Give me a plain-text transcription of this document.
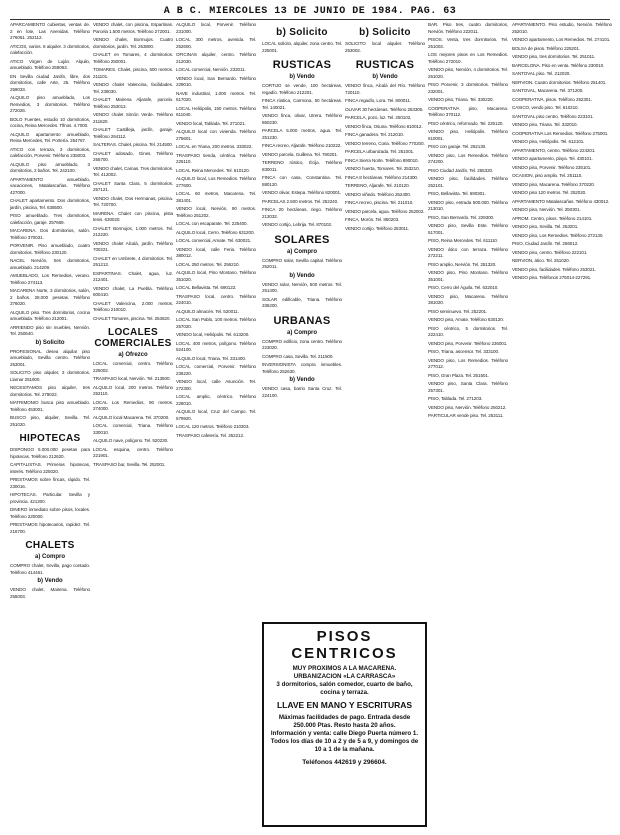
A B C. MIERCOLES 13 DE JUNIO DE 1984. PAG. 63
APARCAMIENTO cubiertas, ventas de. 2 en lote, Las Avenidas. Teléfono 276061. 252112.
ATICOS, varios. 6 alquiler. 3 dormitorios, calefacción.
ATICO Virgen de Luján. Alquilo, amueblado. Teléfono 259063.
EN Sevilla ciudad Jardín, libre, dos dormitorios, calle Arte, 25. Teléfono 259033.
ALQUILO piso amueblado, Los Remedios, 3 dormitorios. Teléfono 272026.
BOLO Fuentes, estudio 10 dormitorios, cocina, Reina Mercedes. Tlfnos. 4.7000.
ALQUILO apartamento amueblado, Reina Mercedes, Tel. Portería. 254767.
ATICO con terraza, 3 dormitorios, calefacción, Porvenir. Teléfono 235003.
ALQUILO piso amueblado, 3 dormitorios, 2 baños. Tel. 242100.
APARTAMENTO amueblado, vacaciones, Matalascañas. Teléfono 427000.
CHALET apartamento. Dos dormitorios, jardín, piscina, Tel. 638500.
PISO amueblado. Tres dormitorios, calefacción, garaje. 257669.
MACARENA. Dos dormitorios, salón. Teléfono 370031.
PORVENIR. Piso amueblado, cuatro dormitorios. Teléfono 230120.
NACEL Nervión, tres dormitorios, amueblado. 214209.
AMUEBLADO, Los Remedios, verano. Teléfono 274113.
MACARENA Norte, 3 dormitorios, salón, 2 baños. 28.000 pesetas. Teléfono 376020.
ALQUILO piso. Tres dormitorios, cocina amueblada. Teléfono 212001.
ARRIENDO piso sin muebles, Nervión. Tel. 250640.
b) Solicito
PROFESIONAL desea alquilar piso amueblado, Sevilla centro. Teléfono 253001.
SOLICITO piso alquiler, 3 dormitorios. Llamar 251600.
NECESITAMOS piso alquiler, tres dormitorios. Tel. 279022.
MATRIMONIO busca piso amueblado. Teléfono 453001.
BUSCO piso, alquiler, Sevilla. Tel. 251020.
HIPOTECAS
DISPONGO 5.000.000 pesetas para hipotecas. Teléfono 212620.
CAPITALISTAS. Primeras hipotecas, interés. Teléfono 225020.
PRESTAMOS sobre fincas, rápido. Tel. 230016.
HIPOTECAS. Particular. Sevilla y provincia. 421200.
DINERO inmediato sobre pisos, locales. Teléfono 220000.
PRESTAMOS hipotecarios, rapidez. Tel. 216700.
CHALETS
a) Compro
COMPRO chalet, Sevilla, pago contado. Teléfono 414461.
b) Vendo
VENDO chalet, Mairena. Teléfono 255003.
VENDO chalet, con piscina, Espartinas. Parcela 1.500 metros. Teléfono 272001.
VENDO chalet, Bormujos. Cuatro dormitorios, jardín. Tel. 253800.
CHALET en Tomares, 4 dormitorios. Teléfono 250001.
TOMARES. Chalet, piscina, 500 metros. 211101.
VENDO chalet Valencina, facilidades. Tel. 236030.
CHALET Mairena Aljarafe, parcela. Teléfono 253013.
VENDO chalet Simón Verde. Teléfono 211620.
CHALET Castilleja, jardín, garaje. Teléfono 264112.
SALTERAS. Chalet, piscina. Tel. 214500.
CHALET adosado, Gines. Teléfono 255700.
VENDO chalet, Camas. Tres dormitorios. Tel. 412002.
CHALET Santa Clara, 5 dormitorios. 257121.
VENDO chalet, Dos Hermanas, piscina. Tel. 720700.
MAIRENA. Chalet con piscina, pista tenis. 630020.
CHALET Bormujos, 1.000 metros. Tel. 212220.
VENDO chalet Alcalá, jardín. Teléfono 700221.
CHALET en Umbrete, 4 dormitorios. Tel. 251213.
ESPARTINAS. Chalet, agua, luz. 212401.
VENDO chalet, La Puebla. Teléfono 600410.
CHALET Valencina, 2.000 metros. Teléfono 210010.
CHALET Tomares, piscina. Tel. 253620.
LOCALES COMERCIALES
a) Ofrezco
LOCAL comercial, centro. Teléfono 225002.
TRASPASO local, Nervión. Tel. 213500.
ALQUILO local, 200 metros. Teléfono 252110.
LOCAL Los Remedios, 90 metros. 274000.
ALQUILO local Macarena. Tel. 370200.
LOCAL comercial, Triana. Teléfono 330010.
ALQUILO nave, polígono. Tel. 520230.
LOCAL esquina, centro. Teléfono 221901.
TRASPASO bar, Sevilla. Tel. 252001.
ALQUILO local, Porvenir. Teléfono 231000.
LOCAL 300 metros, avenida. Tel. 252600.
OFICINAS alquiler, centro. Teléfono 212030.
LOCAL comercial, Nervión. 232011.
VENDO local, San Bernardo. Teléfono 229010.
NAVE industrial, 1.000 metros. Tel. 517020.
LOCAL Heliópolis, 150 metros. Teléfono 611040.
VENDO local, Tablada. Tel. 271021.
ALQUILO local con vivienda. Teléfono 275601.
LOCAL en Triana, 200 metros. 333022.
TRASPASO tienda, céntrica. Teléfono 225110.
LOCAL Reina Mercedes. Tel. 610120.
ALQUILO local, Los Remedios. Teléfono 277600.
LOCAL 60 metros, Macarena. Tel. 381401.
VENDO local, Nervión, 90 metros. Teléfono 251202.
LOCAL con escaparate. Tel. 225400.
ALQUILO local, Cerro. Teléfono 631200.
LOCAL comercial, Amate. Tel. 630021.
VENDO local, calle Feria. Teléfono 380012.
LOCAL 250 metros. Tel. 256210.
ALQUILO local, Pino Montano. Teléfono 351020.
LOCAL Bellavista. Tel. 690122.
TRASPASO local, centro. Teléfono 224010.
ALQUILO almacén. Tel. 520011.
LOCAL San Pablo, 100 metros. Teléfono 257020.
VENDO local, Heliópolis. Tel. 613200.
LOCAL 400 metros, polígono. Teléfono 524100.
ALQUILO local, Triana. Tel. 331400.
LOCAL comercial, Porvenir. Teléfono 236220.
VENDO local, calle Asunción. Tel. 272300.
LOCAL amplio, céntrico. Teléfono 228010.
ALQUILO local, Cruz del Campo. Tel. 579920.
LOCAL 120 metros. Teléfono 210303.
TRASPASO cafetería. Tel. 252212.
b) Solicito
LOCAL solicito, alquiler, zona centro. Tel. 225001.
RUSTICAS
b) Vendo
CORTIJO se vende, 100 hectáreas, regadío. Teléfono 212201.
FINCA rústica, Carmona, 50 hectáreas. Tel. 140021.
VENDO finca, olivar, Utrera. Teléfono 860230.
PARCELA 5.000 metros, agua. Tel. 251230.
FINCA recreo, Aljarafe. Teléfono 210222.
VENDO parcela, Guillena. Tel. 780201.
TERRENO rústico, Écija. Teléfono 830011.
FINCA con casa, Constantina. Tel. 880120.
VENDO olivar, Estepa. Teléfono 820001.
PARCELAS 2.500 metros. Tel. 252240.
FINCA 20 hectáreas, riego. Teléfono 213032.
VENDO cortijo, Lebrija. Tel. 870102.
SOLARES
a) Compro
COMPRO solar, Sevilla capital. Teléfono 252011.
b) Vendo
VENDO solar, Nervión, 500 metros. Tel. 251400.
SOLAR edificable, Triana. Teléfono 336200.
URBANAS
a) Compro
COMPRO edificio, zona centro. Teléfono 223020.
COMPRO casa, Sevilla. Tel. 211500.
INVERSIONISTA compra inmuebles. Teléfono 252630.
b) Vendo
VENDO casa, barrio Santa Cruz. Tel. 224100.
b) Solicito
SOLICITO local alquiler. Teléfono 253002.
RUSTICAS
b) Vendo
VENDO finca, Alcalá del Río. Teléfono 720110.
FINCA regadío, Lora. Tel. 800011.
OLIVAR 30 hectáreas. Teléfono 253300.
PARCELA, pozo, luz. Tel. 250102.
VENDO finca, Osuna. Teléfono 810012.
FINCA ganadera. Tel. 212010.
VENDO terreno, Coria. Teléfono 770200.
PARCELA urbanizada. Tel. 251001.
FINCA Sierra Norte. Teléfono 890010.
VENDO huerta, Tomares. Tel. 253210.
FINCA 8 hectáreas. Teléfono 214300.
TERRENO, Aljarafe. Tel. 210120.
VENDO viñedo. Teléfono 252400.
FINCA recreo, piscina. Tel. 211010.
VENDO parcela, agua. Teléfono 252002.
FINCA, Morón. Tel. 850203.
VENDO cortijo. Teléfono 253011.
BAR. Piso tres, cuatro dormitorios, Nervión. Teléfono 222011.
PISOS. Venta, tres dormitorios. Tel. 251003.
LOS mejores pisos en Los Remedios. Teléfono 272010.
VENDO piso, Nervión, 4 dormitorios. Tel. 251020.
PISO Porvenir, 3 dormitorios. Teléfono 232001.
VENDO piso, Triana. Tel. 330220.
COOPERATIVA piso, Macarena. Teléfono 370112.
PISO céntrico, reformado. Tel. 225120.
VENDO piso, Heliópolis. Teléfono 610001.
PISO con garaje. Tel. 252130.
VENDO piso, Los Remedios. Teléfono 274200.
PISO Ciudad Jardín. Tel. 255320.
VENDO piso, facilidades. Teléfono 252101.
PISO, Bellavista. Tel. 690301.
VENDO piso, entrada 500.000. Teléfono 213010.
PISO, San Bernardo. Tel. 229300.
VENDO piso, Sevilla Este. Teléfono 517001.
PISO, Reina Mercedes. Tel. 611110.
VENDO ático con terraza. Teléfono 272211.
PISO amplio, Nervión. Tel. 251320.
VENDO piso, Pino Montano. Teléfono 351001.
PISO, Cerro del Águila. Tel. 632010.
VENDO piso, Macarena. Teléfono 381020.
PISO seminuevo. Tel. 252201.
VENDO piso, Amate. Teléfono 630120.
PISO céntrico, 5 dormitorios. Tel. 222410.
VENDO piso, Porvenir. Teléfono 236001.
PISO, Triana, ascensor. Tel. 333100.
VENDO piso, Los Remedios. Teléfono 277012.
PISO, Gran Plaza. Tel. 251501.
VENDO piso, Santa Clara. Teléfono 257301.
PISO, Tablada. Tel. 271203.
VENDO piso, Nervión. Teléfono 250212.
PARTICULAR vende piso. Tel. 253111.
APARTAMENTO. Piso estudio, Nervión. Teléfono 252010.
VENDO apartamento, Los Remedios. Tel. 274101.
BOLSA de pisos. Teléfono 225201.
VENDO piso, tres dormitorios. Tel. 251011.
BARCELONA. Piso en venta. Teléfono 230010.
SANTOVAL piso. Tel. 212020.
NERVION. Cuatro dormitorios. Teléfono 251401.
SANTOVAL, Macarena. Tel. 371200.
COOPERATIVA, pisos. Teléfono 252301.
CASICO, vendo piso. Tel. 610210.
SANTOVAL piso centro. Teléfono 223101.
VENDO piso, Triana. Tel. 332010.
COOPERATIVA Los Remedios. Teléfono 275001.
VENDO piso, Heliópolis. Tel. 612101.
APARTAMENTO, centro. Teléfono 224201.
VENDO apartamento, playa. Tel. 430101.
VENDO piso, Porvenir. Teléfono 235101.
OCASION, piso amplio. Tel. 251110.
VENDO piso, Macarena. Teléfono 370220.
VENDO piso 120 metros. Tel. 252020.
APARTAMENTO Matalascañas. Teléfono 430012.
VENDO piso, Nervión. Tel. 250301.
APROM. Centro, pisos. Teléfono 214101.
VENDO piso, Sevilla. Tel. 253201.
VENDO piso, Los Remedios. Teléfono 272130.
PISO, Ciudad Jardín. Tel. 256012.
VENDO piso, centro. Teléfono 222101.
NERVION, ático. Tel. 251020.
VENDO piso, facilidades. Teléfono 253021.
VENDO piso. Teléfonos 275014-227291.
PISOS CENTRICOS
MUY PROXIMOS A LA MACARENA. URBANIZACION «LA CARRASCA»
3 dormitorios, salón comedor, cuarto de baño, cocina y terraza.
LLAVE EN MANO Y ESCRITURAS
Máximas facilidades de pago. Entrada desde 250.000 Ptas. Resto hasta 20 años.
Información y venta: calle Diego Puerta número 1. Todos los días de 10 a 2 y de 5 a 9, y domingos de 10 a 1 de la mañana.
Teléfonos 442619 y 296604.
